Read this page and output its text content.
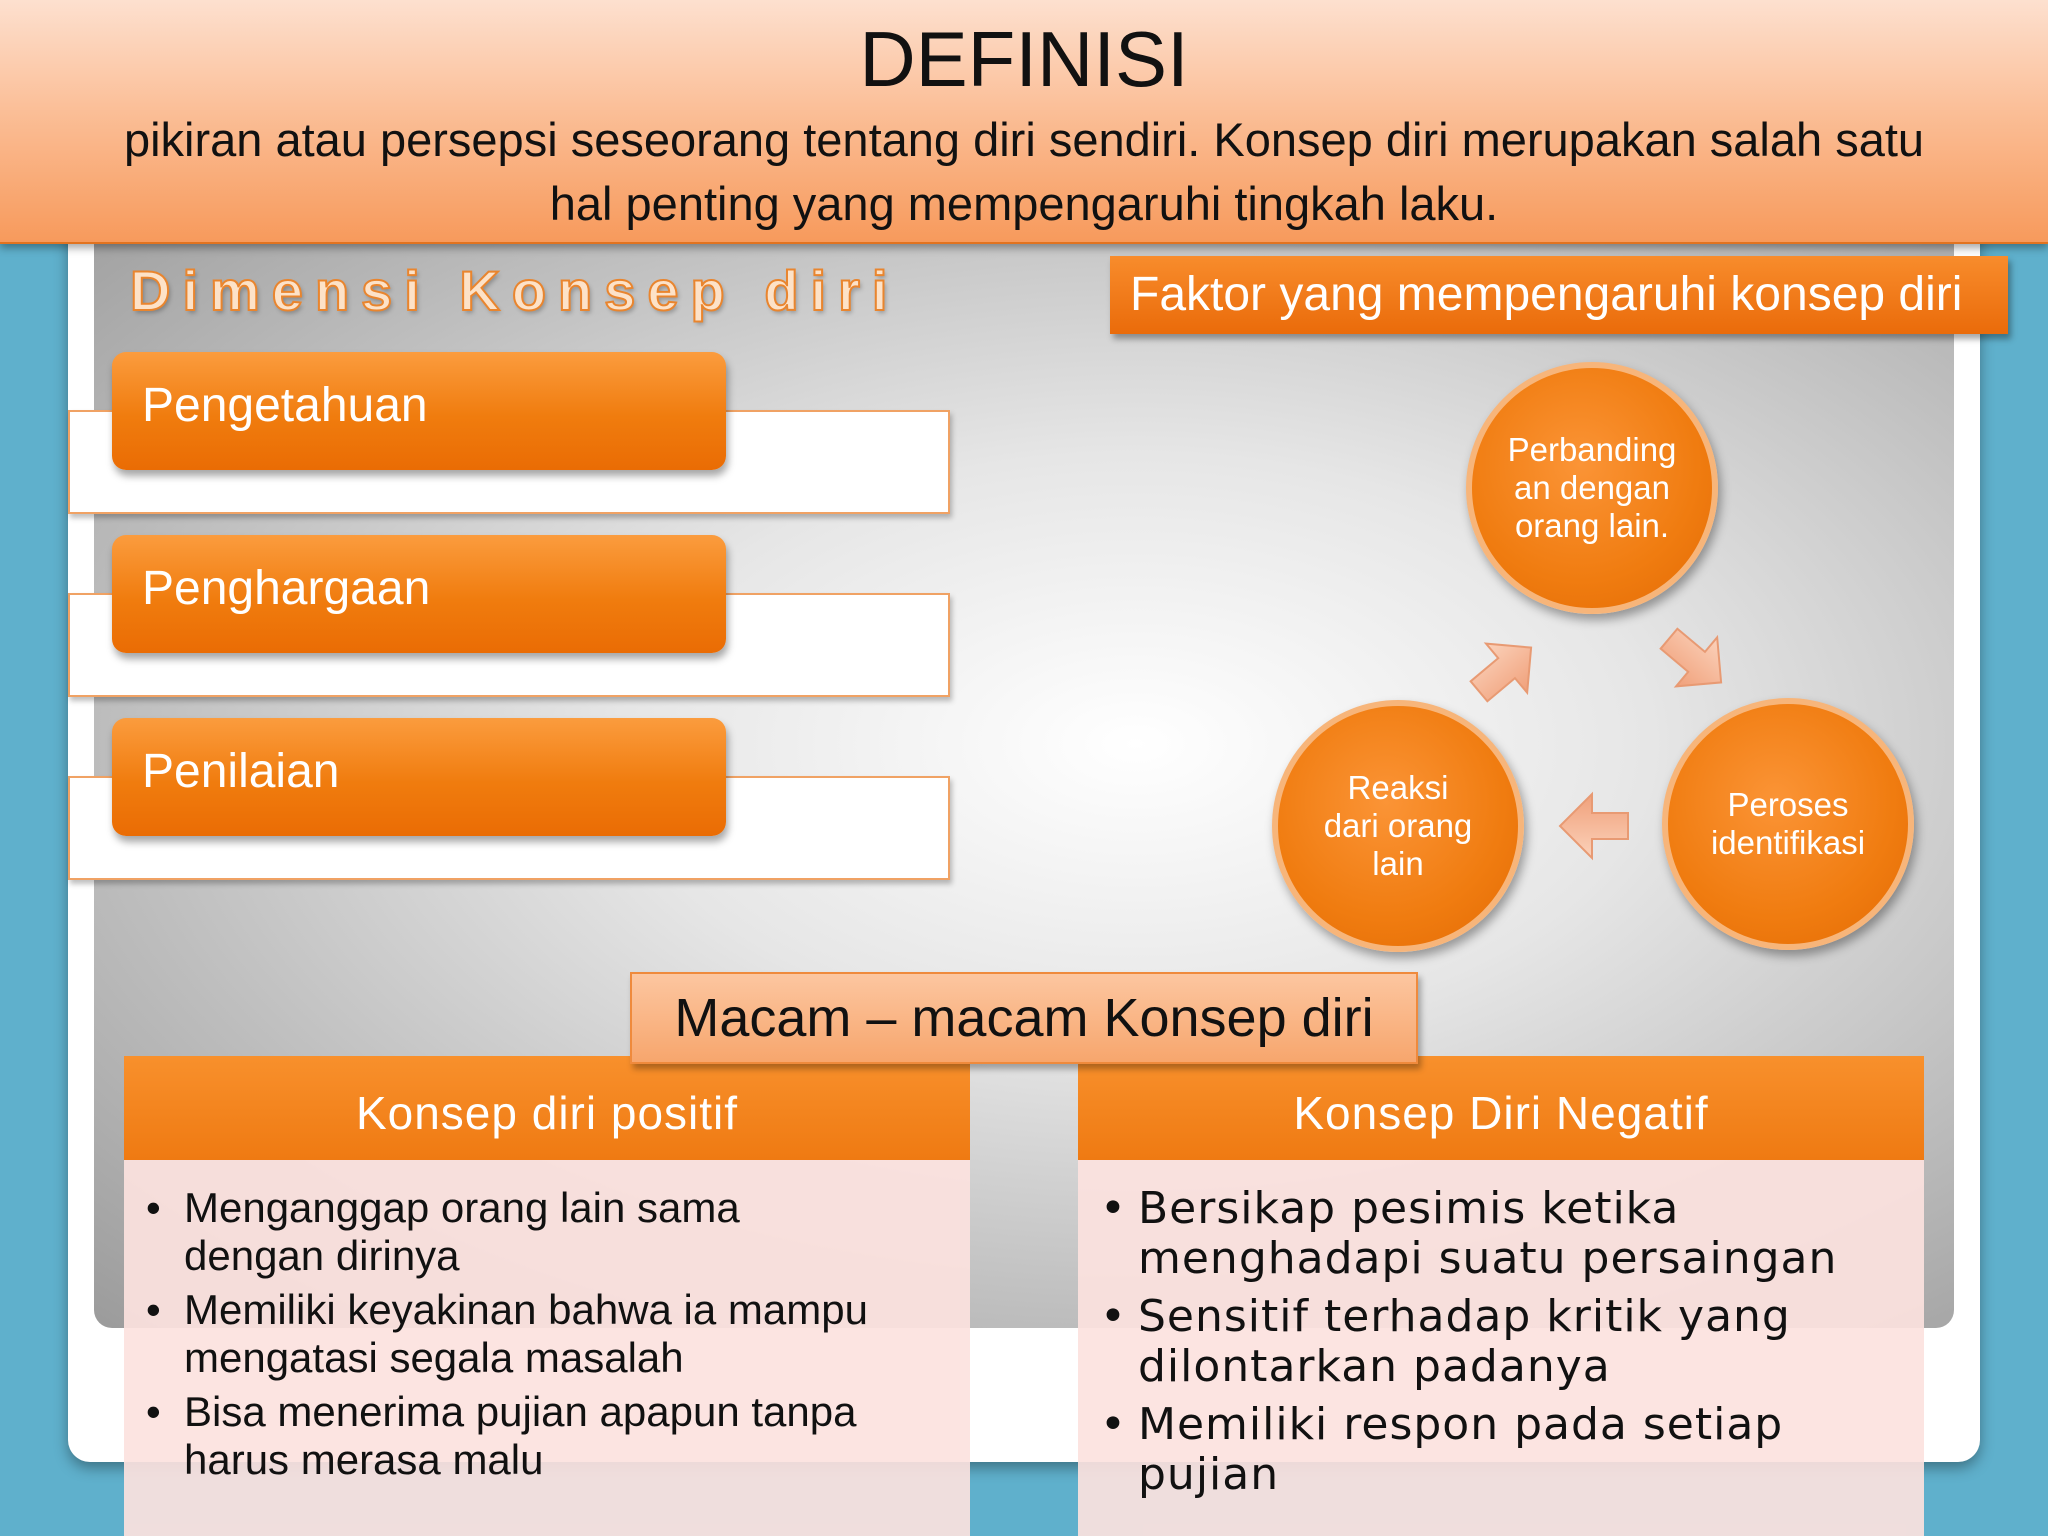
DEFINISI
pikiran atau persepsi seseorang tentang diri sendiri. Konsep diri merupakan salah satu
hal penting yang mempengaruhi tingkah laku.
Dimensi Konsep diri
Pengetahuan
Penghargaan
Penilaian
Faktor yang mempengaruhi konsep diri
Perbanding
an dengan
orang lain.
Peroses
identifikasi
Reaksi
dari orang
lain
Konsep diri positif
• Menganggap orang lain sama
dengan dirinya
• Memiliki keyakinan bahwa ia mampu
mengatasi segala masalah
• Bisa menerima pujian apapun tanpa
harus merasa malu
Konsep Diri Negatif
• Bersikap pesimis ketika
menghadapi suatu persaingan
• Sensitif terhadap kritik yang
dilontarkan padanya
• Memiliki respon pada setiap
pujian
Macam – macam Konsep diri
